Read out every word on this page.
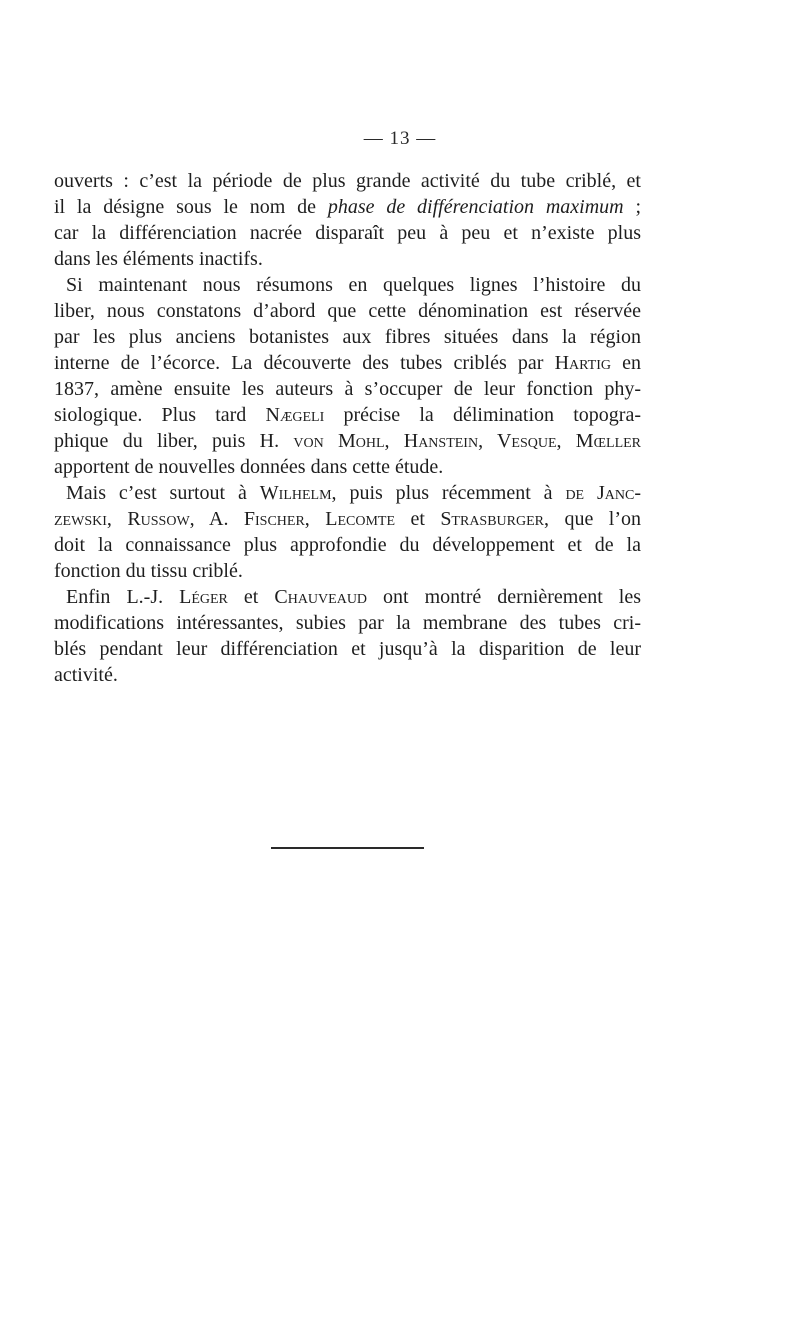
— 13 —
ouverts : c’est la période de plus grande activité du tube criblé, et
il la désigne sous le nom de phase de différenciation maximum ;
car la différenciation nacrée disparaît peu à peu et n’existe plus
dans les éléments inactifs.
Si maintenant nous résumons en quelques lignes l’histoire du
liber, nous constatons d’abord que cette dénomination est réservée
par les plus anciens botanistes aux fibres situées dans la région
interne de l’écorce. La découverte des tubes criblés par Hartig en
1837, amène ensuite les auteurs à s’occuper de leur fonction phy-
siologique. Plus tard Nægeli précise la délimination topogra-
phique du liber, puis H. von Mohl, Hanstein, Vesque, Mœller
apportent de nouvelles données dans cette étude.
Mais c’est surtout à Wilhelm, puis plus récemment à de Janc-
zewski, Russow, A. Fischer, Lecomte et Strasburger, que l’on
doit la connaissance plus approfondie du développement et de la
fonction du tissu criblé.
Enfin L.-J. Léger et Chauveaud ont montré dernièrement les
modifications intéressantes, subies par la membrane des tubes cri-
blés pendant leur différenciation et jusqu’à la disparition de leur
activité.
